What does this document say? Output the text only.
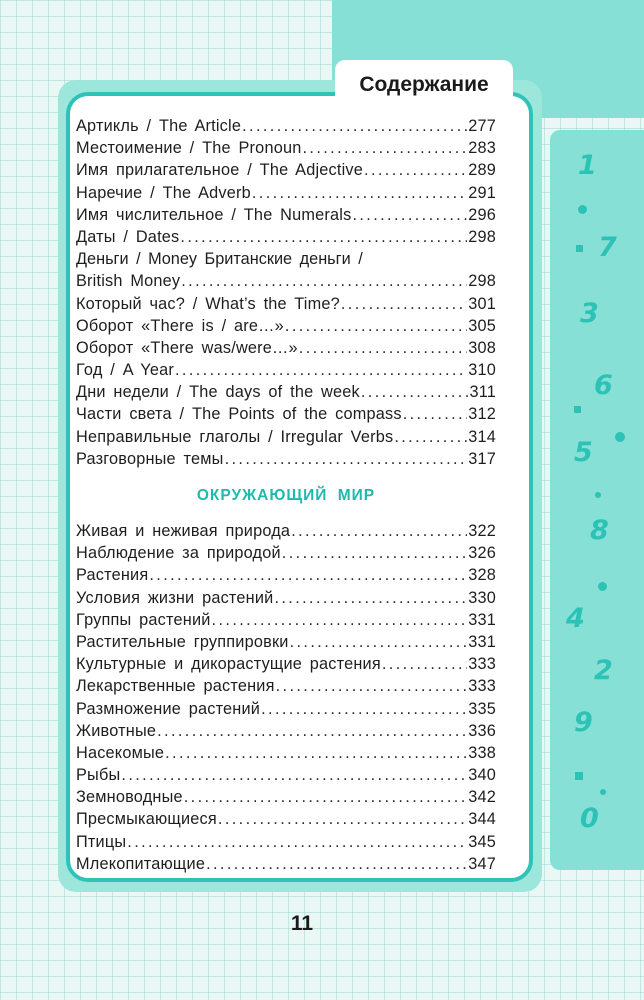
Содержание
Артикль / The Article .....	277
Местоимение / The Pronoun .....	283
Имя прилагательное / The Adjective .....	289
Наречие / The Adverb .....	291
Имя числительное / The Numerals .....	296
Даты / Dates .....	298
Деньги / Money Британские деньги /
British Money .....	298
Который час? / What’s the Time? .....	301
Оборот «There is / are…» .....	305
Оборот «There was/were…» .....	308
Год / A Year .....	310
Дни недели / The days of the week .....	311
Части света / The Points of the compass .....	312
Неправильные глаголы / Irregular Verbs .....	314
Разговорные темы .....	317
ОКРУЖАЮЩИЙ МИР
Живая и неживая природа .....	322
Наблюдение за природой .....	326
Растения .....	328
Условия жизни растений .....	330
Группы растений .....	331
Растительные группировки .....	331
Культурные и дикорастущие растения .....	333
Лекарственные растения .....	333
Размножение растений .....	335
Животные .....	336
Насекомые .....	338
Рыбы .....	340
Земноводные .....	342
Пресмыкающиеся .....	344
Птицы .....	345
Млекопитающие .....	347
11
1
7
3
6
5
8
4
2
9
0
